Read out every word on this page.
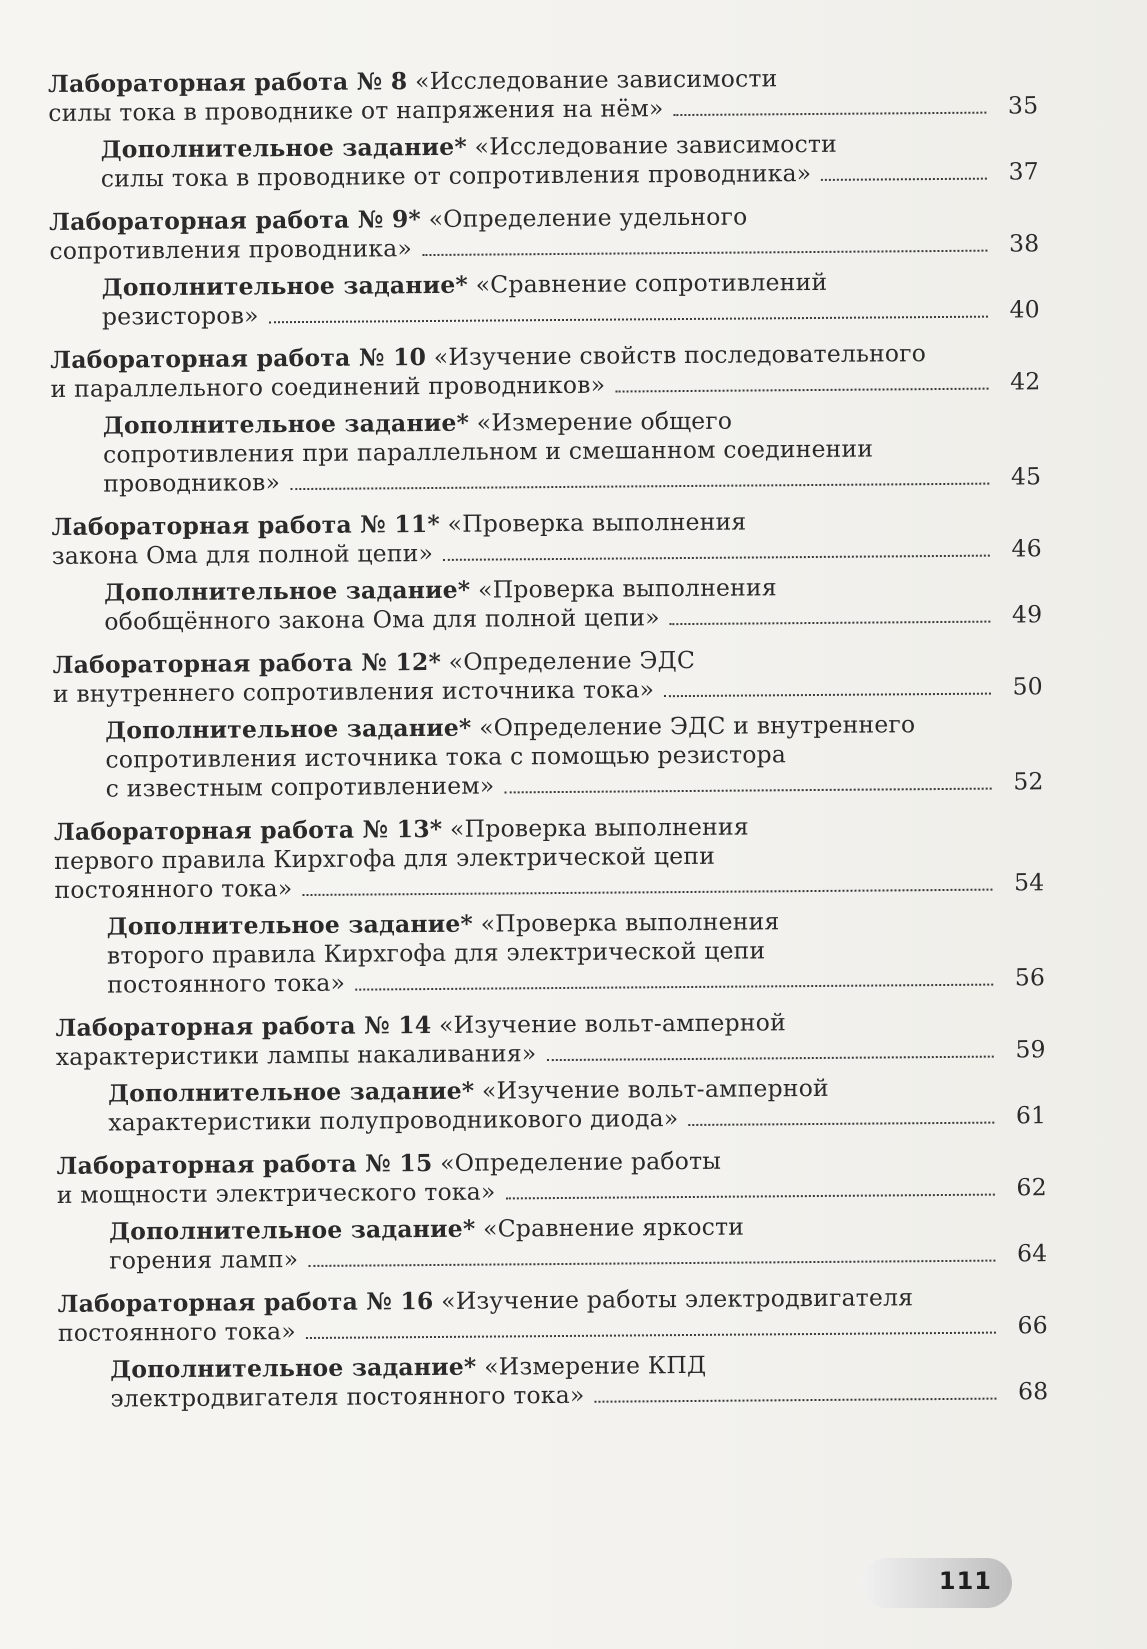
Лабораторная работа № 8 «Исследование зависимости
силы тока в проводнике от напряжения на нём»	35
Дополнительное задание* «Исследование зависимости
силы тока в проводнике от сопротивления проводника»	37
Лабораторная работа № 9* «Определение удельного
сопротивления проводника»	38
Дополнительное задание* «Сравнение сопротивлений
резисторов»	40
Лабораторная работа № 10 «Изучение свойств последовательного
и параллельного соединений проводников»	42
Дополнительное задание* «Измерение общего
сопротивления при параллельном и смешанном соединении
проводников»	45
Лабораторная работа № 11* «Проверка выполнения
закона Ома для полной цепи»	46
Дополнительное задание* «Проверка выполнения
обобщённого закона Ома для полной цепи»	49
Лабораторная работа № 12* «Определение ЭДС
и внутреннего сопротивления источника тока»	50
Дополнительное задание* «Определение ЭДС и внутреннего
сопротивления источника тока с помощью резистора
с известным сопротивлением»	52
Лабораторная работа № 13* «Проверка выполнения
первого правила Кирхгофа для электрической цепи
постоянного тока»	54
Дополнительное задание* «Проверка выполнения
второго правила Кирхгофа для электрической цепи
постоянного тока»	56
Лабораторная работа № 14 «Изучение вольт-амперной
характеристики лампы накаливания»	59
Дополнительное задание* «Изучение вольт-амперной
характеристики полупроводникового диода»	61
Лабораторная работа № 15 «Определение работы
и мощности электрического тока»	62
Дополнительное задание* «Сравнение яркости
горения ламп»	64
Лабораторная работа № 16 «Изучение работы электродвигателя
постоянного тока»	66
Дополнительное задание* «Измерение КПД
электродвигателя постоянного тока»	68
111
